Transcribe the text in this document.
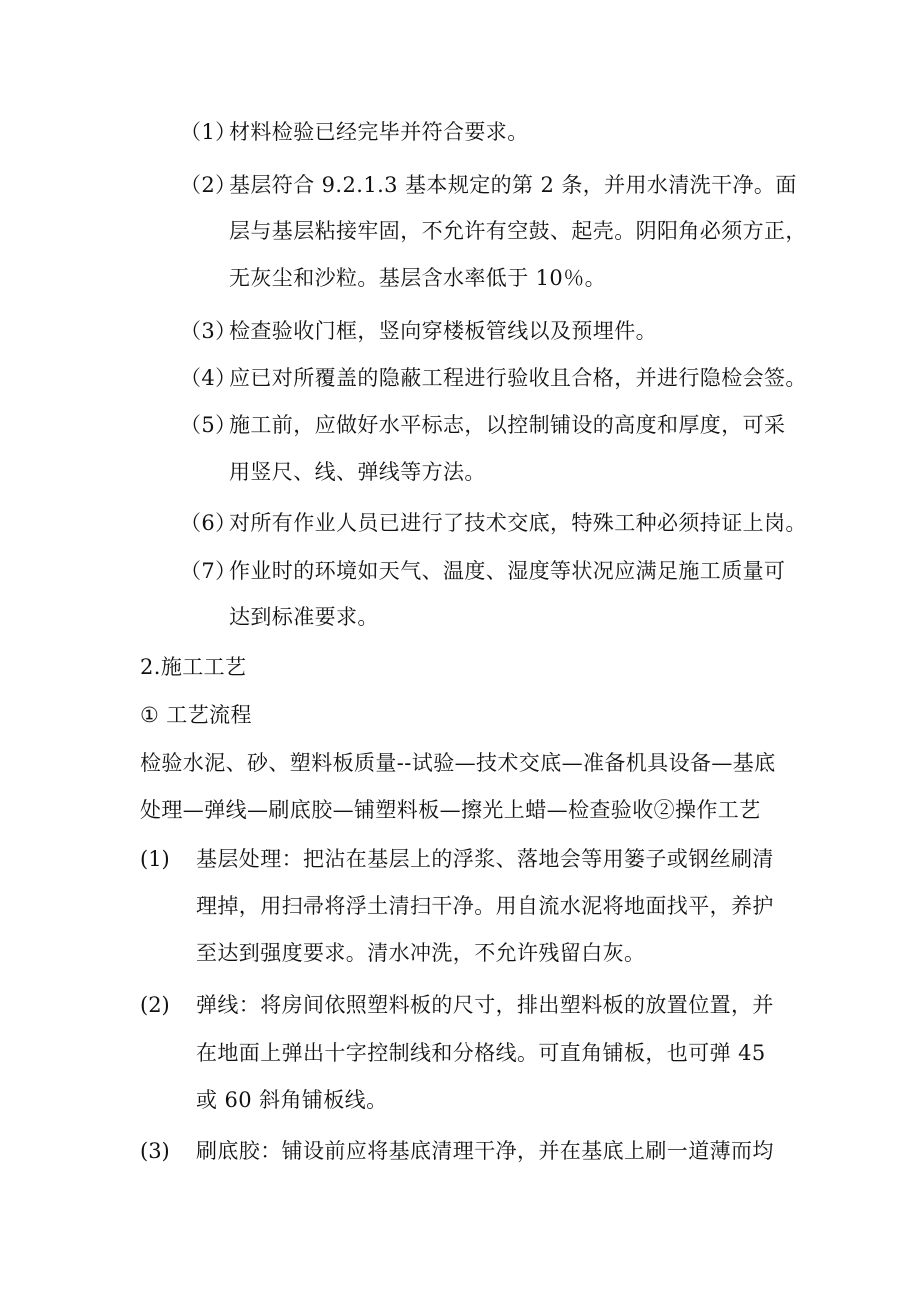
（1）
材料检验已经完毕并符合要求。
（2）
基层符合 9.2.1.3 基本规定的第 2 条，并用水清洗干净。面
层与基层粘接牢固，不允许有空鼓、起壳。阴阳角必须方正，
无灰尘和沙粒。基层含水率低于 10％。
（3）
检查验收门框，竖向穿楼板管线以及预埋件。
（4）
应已对所覆盖的隐蔽工程进行验收且合格，并进行隐检会签。
（5）
施工前，应做好水平标志，以控制铺设的高度和厚度，可采
用竖尺、线、弹线等方法。
（6）
对所有作业人员已进行了技术交底，特殊工种必须持证上岗。
（7）
作业时的环境如天气、温度、湿度等状况应满足施工质量可
达到标准要求。
2.施工工艺
① 工艺流程
检验水泥、砂、塑料板质量--试验—技术交底—准备机具设备—基底
处理—弹线—刷底胶—铺塑料板—擦光上蜡—检查验收②操作工艺
(1) 基层处理：把沾在基层上的浮浆、落地会等用篓子或钢丝刷清
理掉，用扫帚将浮土清扫干净。用自流水泥将地面找平，养护
至达到强度要求。清水冲洗，不允许残留白灰。
(2) 弹线：将房间依照塑料板的尺寸，排出塑料板的放置位置，并
在地面上弹出十字控制线和分格线。可直角铺板，也可弹 45
或 60 斜角铺板线。
(3) 刷底胶：铺设前应将基底清理干净，并在基底上刷一道薄而均
